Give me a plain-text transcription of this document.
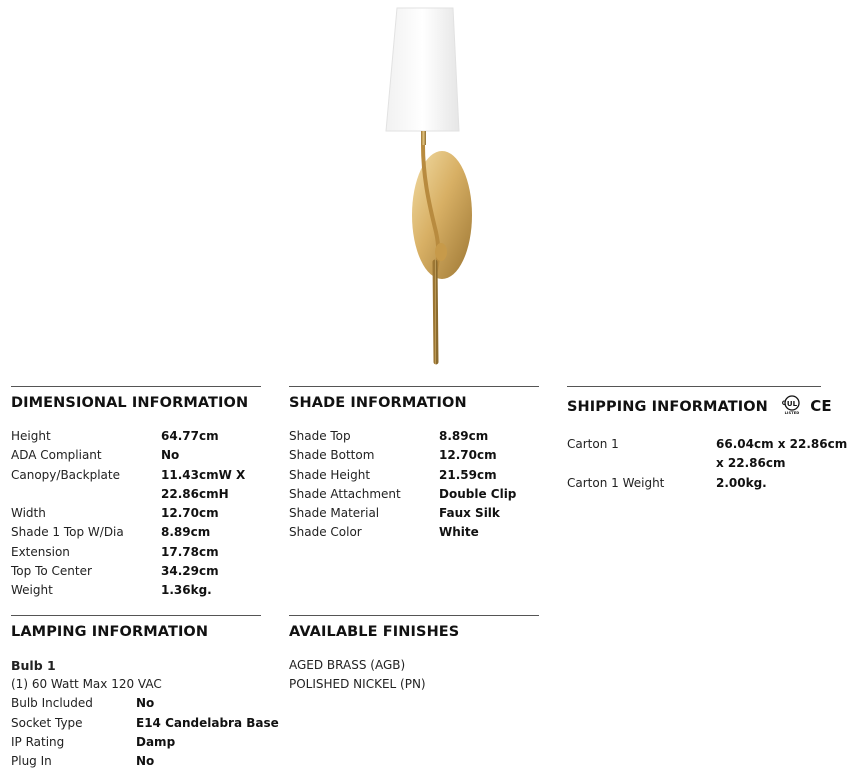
DIMENSIONAL INFORMATION
Height	64.77cm
ADA Compliant	No
Canopy/Backplate
	11.43cmW X
22.86cmH
Width	12.70cm
Shade 1 Top W/Dia	8.89cm
Extension	17.78cm
Top To Center	34.29cm
Weight	1.36kg.
SHADE INFORMATION
Shade Top	8.89cm
Shade Bottom	12.70cm
Shade Height	21.59cm
Shade Attachment	Double Clip
Shade Material	Faux Silk
Shade Color	White
SHIPPING INFORMATION	UL
C
LISTED CE
Carton 1
	66.04cm x 22.86cm
x 22.86cm
Carton 1 Weight	2.00kg.
LAMPING INFORMATION
Bulb 1
(1) 60 Watt Max 120 VAC
Bulb Included	No
Socket Type	E14 Candelabra Base
IP Rating	Damp
Plug In	No
AVAILABLE FINISHES
AGED BRASS (AGB)
POLISHED NICKEL (PN)
